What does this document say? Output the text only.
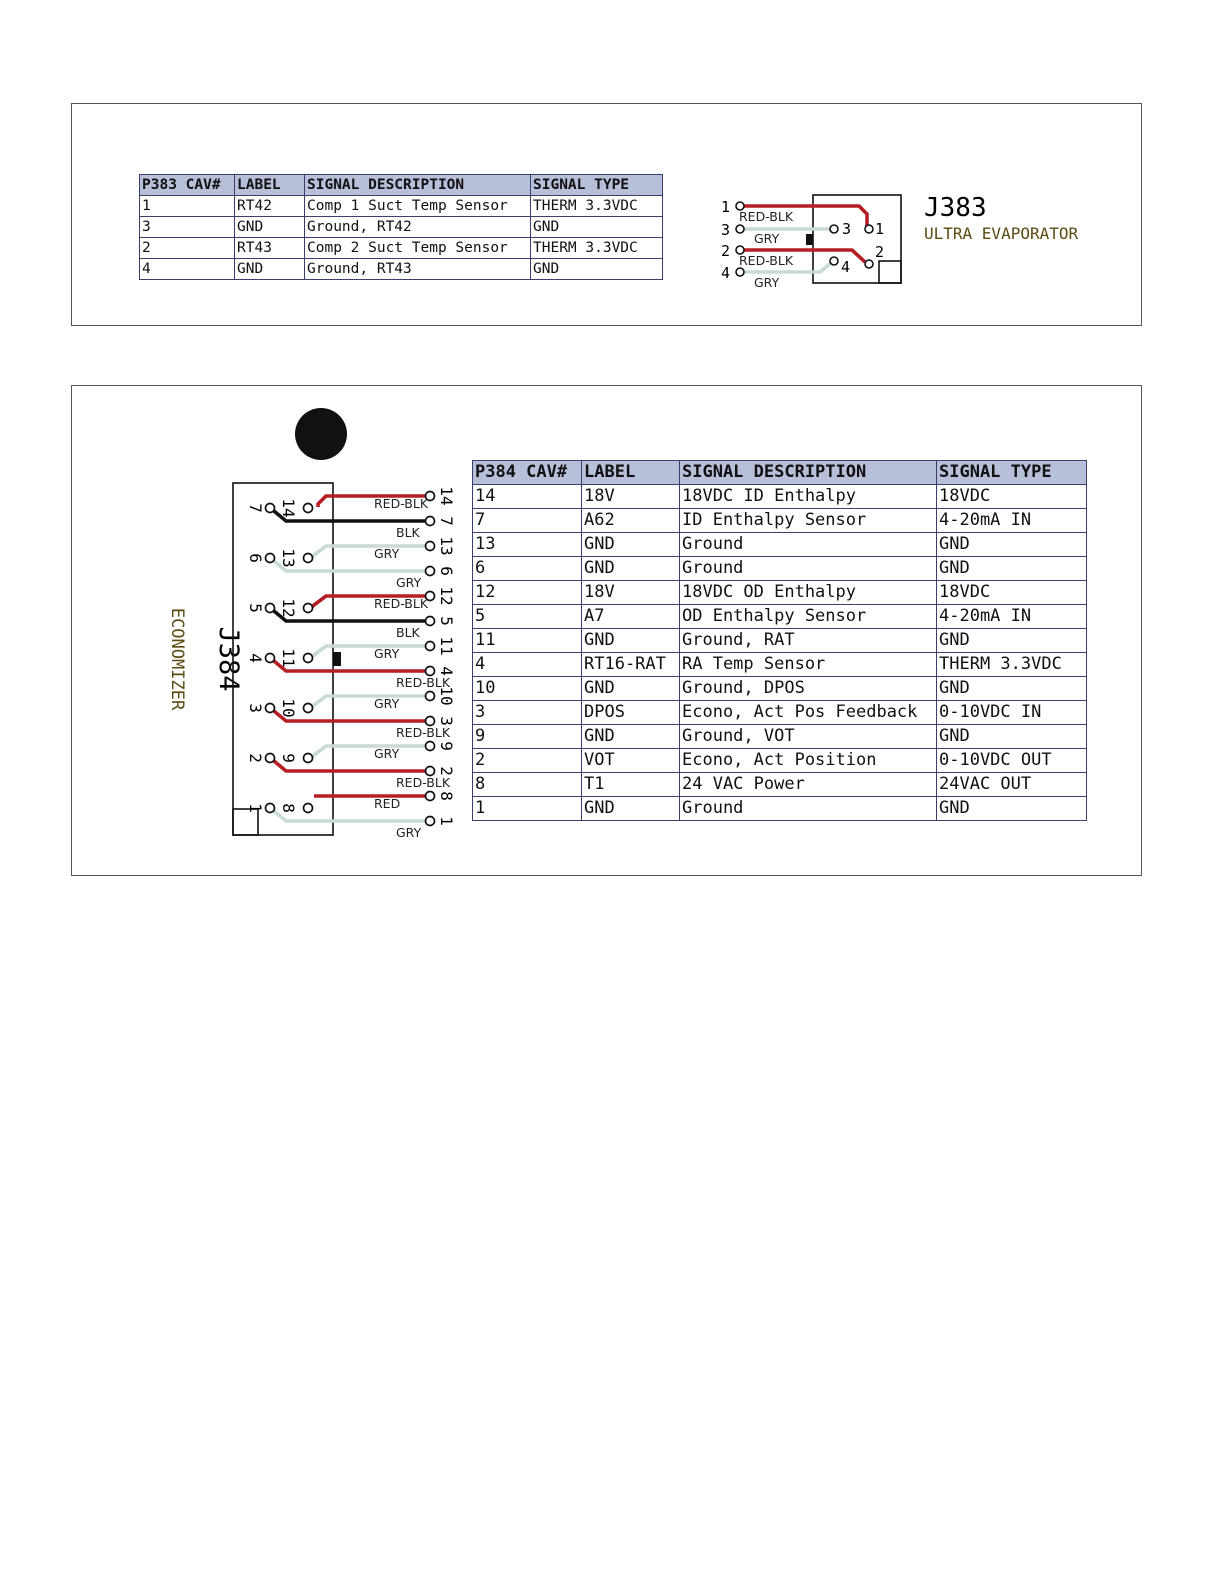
P383 CAV#	LABEL	SIGNAL DESCRIPTION	SIGNAL TYPE
1	RT42	Comp 1 Suct Temp Sensor	THERM 3.3VDC
3	GND	Ground, RT42	GND
2	RT43	Comp 2 Suct Temp Sensor	THERM 3.3VDC
4	GND	Ground, RT43	GND
1
3
2
4
RED-BLK
GRY
RED-BLK
GRY
3 1
4
2
J383
ULTRA EVAPORATOR
J384
ECONOMIZER
7 14
6 13
5 12
4 11
3 10
2 9
1 8
14
RED-BLK
7
BLK
13
GRY
6
GRY
12
RED-BLK
5
BLK
11
GRY
4
RED-BLK
10
GRY
3
RED-BLK
9
GRY
2
RED-BLK
8
RED
1
GRY
P384 CAV#	LABEL	SIGNAL DESCRIPTION	SIGNAL TYPE
14	18V	18VDC ID Enthalpy	18VDC
7	A62	ID Enthalpy Sensor	4-20mA IN
13	GND	Ground	GND
6	GND	Ground	GND
12	18V	18VDC OD Enthalpy	18VDC
5	A7	OD Enthalpy Sensor	4-20mA IN
11	GND	Ground, RAT	GND
4	RT16-RAT	RA Temp Sensor	THERM 3.3VDC
10	GND	Ground, DPOS	GND
3	DPOS	Econo, Act Pos Feedback	0-10VDC IN
9	GND	Ground, VOT	GND
2	VOT	Econo, Act Position	0-10VDC OUT
8	T1	24 VAC Power	24VAC OUT
1	GND	Ground	GND
